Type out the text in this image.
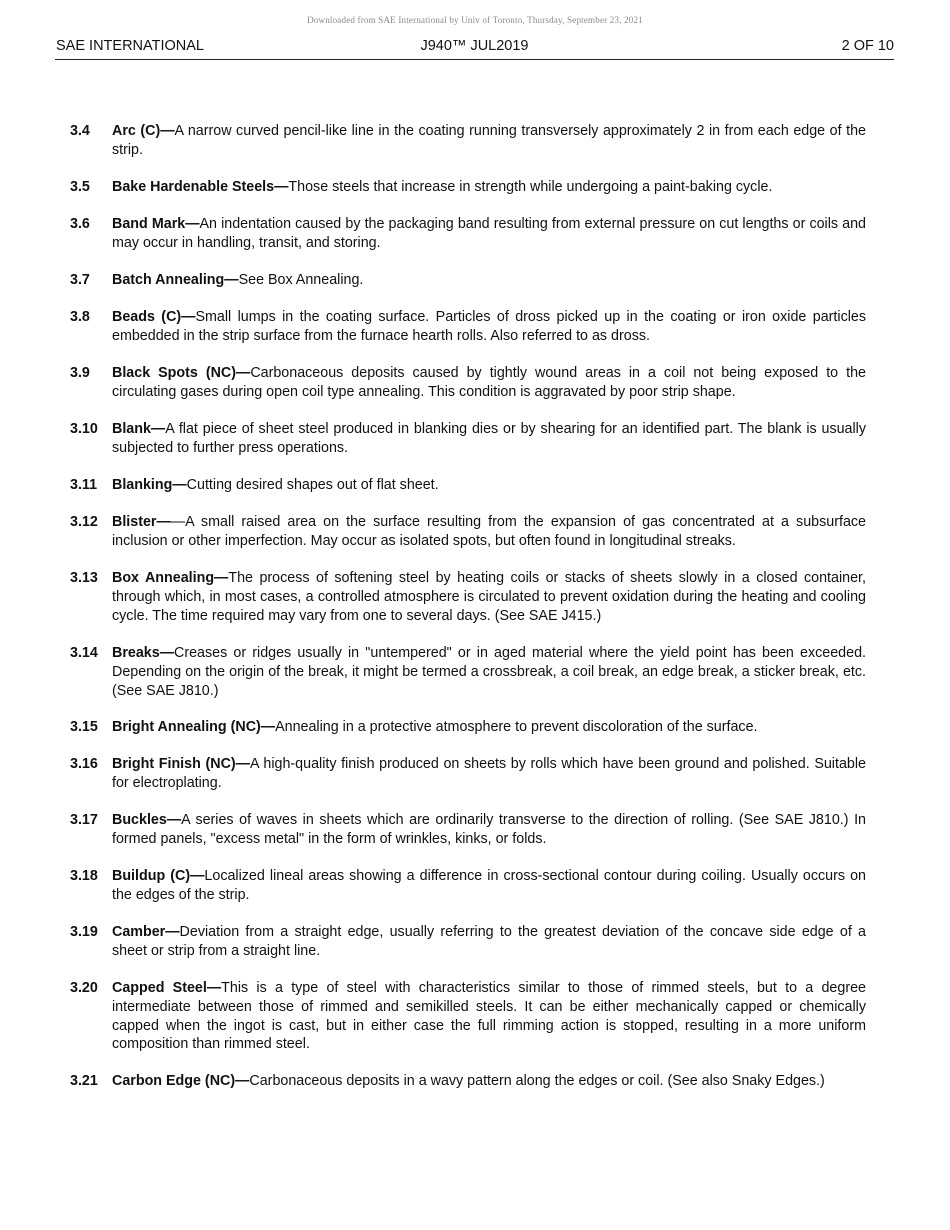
Downloaded from SAE International by Univ of Toronto, Thursday, September 23, 2021
SAE INTERNATIONAL	J940™ JUL2019	2 OF 10
3.4	Arc (C)—A narrow curved pencil-like line in the coating running transversely approximately 2 in from each edge of the strip.
3.5	Bake Hardenable Steels—Those steels that increase in strength while undergoing a paint-baking cycle.
3.6	Band Mark—An indentation caused by the packaging band resulting from external pressure on cut lengths or coils and may occur in handling, transit, and storing.
3.7	Batch Annealing—See Box Annealing.
3.8	Beads (C)—Small lumps in the coating surface. Particles of dross picked up in the coating or iron oxide particles embedded in the strip surface from the furnace hearth rolls. Also referred to as dross.
3.9	Black Spots (NC)—Carbonaceous deposits caused by tightly wound areas in a coil not being exposed to the circulating gases during open coil type annealing. This condition is aggravated by poor strip shape.
3.10 Blank—A flat piece of sheet steel produced in blanking dies or by shearing for an identified part. The blank is usually subjected to further press operations.
3.11	Blanking—Cutting desired shapes out of flat sheet.
3.12 Blister——A small raised area on the surface resulting from the expansion of gas concentrated at a subsurface inclusion or other imperfection. May occur as isolated spots, but often found in longitudinal streaks.
3.13 Box Annealing—The process of softening steel by heating coils or stacks of sheets slowly in a closed container, through which, in most cases, a controlled atmosphere is circulated to prevent oxidation during the heating and cooling cycle. The time required may vary from one to several days. (See SAE J415.)
3.14 Breaks—Creases or ridges usually in "untempered" or in aged material where the yield point has been exceeded. Depending on the origin of the break, it might be termed a crossbreak, a coil break, an edge break, a sticker break, etc. (See SAE J810.)
3.15 Bright Annealing (NC)—Annealing in a protective atmosphere to prevent discoloration of the surface.
3.16 Bright Finish (NC)—A high-quality finish produced on sheets by rolls which have been ground and polished. Suitable for electroplating.
3.17 Buckles—A series of waves in sheets which are ordinarily transverse to the direction of rolling. (See SAE J810.) In formed panels, "excess metal" in the form of wrinkles, kinks, or folds.
3.18 Buildup (C)—Localized lineal areas showing a difference in cross-sectional contour during coiling. Usually occurs on the edges of the strip.
3.19 Camber—Deviation from a straight edge, usually referring to the greatest deviation of the concave side edge of a sheet or strip from a straight line.
3.20 Capped Steel—This is a type of steel with characteristics similar to those of rimmed steels, but to a degree intermediate between those of rimmed and semikilled steels. It can be either mechanically capped or chemically capped when the ingot is cast, but in either case the full rimming action is stopped, resulting in a more uniform composition than rimmed steel.
3.21 Carbon Edge (NC)—Carbonaceous deposits in a wavy pattern along the edges or coil. (See also Snaky Edges.)
